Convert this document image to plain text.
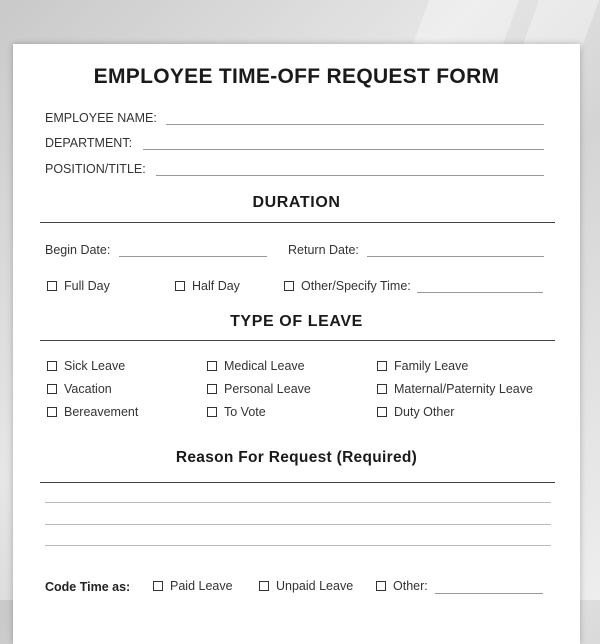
EMPLOYEE TIME-OFF REQUEST FORM
EMPLOYEE NAME:
DEPARTMENT:
POSITION/TITLE:
DURATION
Begin Date:	Return Date:
Full Day	Half Day	Other/Specify Time:
TYPE OF LEAVE
Sick Leave	Medical Leave	Family Leave
Vacation	Personal Leave	Maternal/Paternity Leave
Bereavement	To Vote	Duty Other
Reason For Request (Required)
Code Time as:	Paid Leave	Unpaid Leave	Other:
